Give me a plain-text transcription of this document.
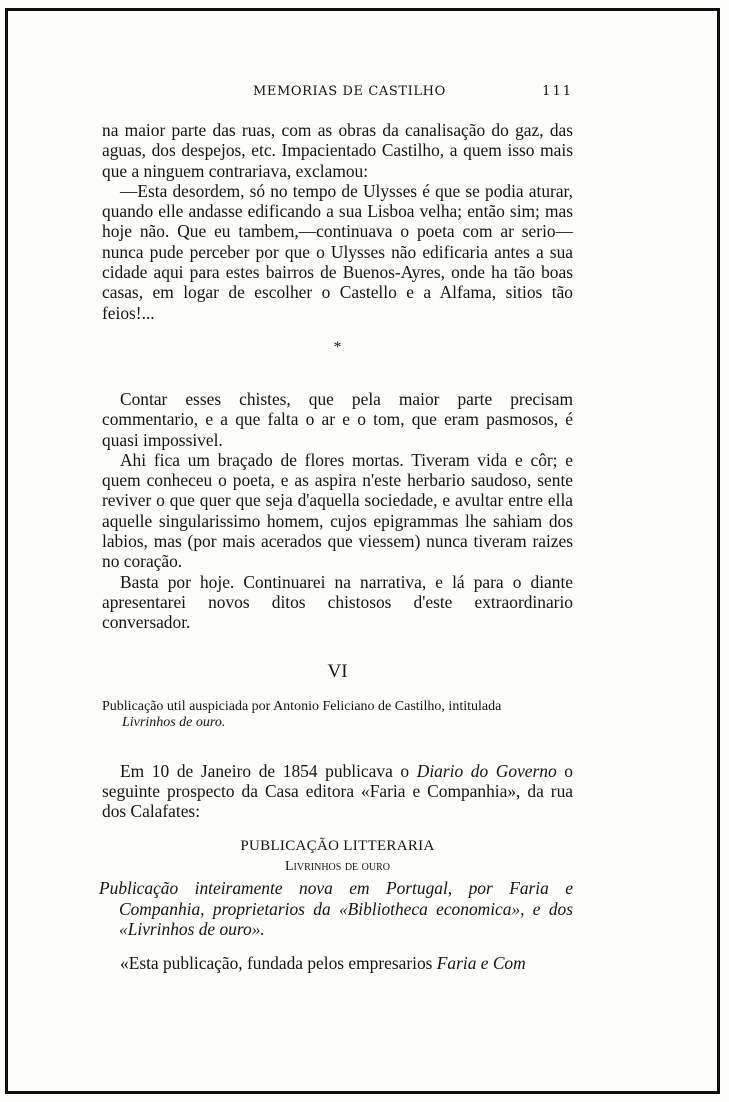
MEMORIAS DE CASTILHO	111

na maior parte das ruas, com as obras da canalisação do gaz, das aguas, dos despejos, etc. Impacientado Castilho, a quem isso mais que a ninguem contrariava, exclamou:

—Esta desordem, só no tempo de Ulysses é que se podia aturar, quando elle andasse edificando a sua Lisboa velha; então sim; mas hoje não. Que eu tambem,—continuava o poeta com ar serio—nunca pude perceber por que o Ulysses não edificaria antes a sua cidade aqui para estes bairros de Buenos-Ayres, onde ha tão boas casas, em logar de escolher o Castello e a Alfama, sitios tão feios!...

*

Contar esses chistes, que pela maior parte precisam commentario, e a que falta o ar e o tom, que eram pasmosos, é quasi impossivel.

Ahi fica um braçado de flores mortas. Tiveram vida e côr; e quem conheceu o poeta, e as aspira n'este herbario saudoso, sente reviver o que quer que seja d'aquella sociedade, e avultar entre ella aquelle singularissimo homem, cujos epigrammas lhe sahiam dos labios, mas (por mais acerados que viessem) nunca tiveram raizes no coração.

Basta por hoje. Continuarei na narrativa, e lá para o diante apresentarei novos ditos chistosos d'este extraordinario conversador.

VI

Publicação util auspiciada por Antonio Feliciano de Castilho, intitulada
Livrinhos de ouro.

Em 10 de Janeiro de 1854 publicava o Diario do Governo o seguinte prospecto da Casa editora «Faria e Companhia», da rua dos Calafates:

PUBLICAÇÃO LITTERARIA
Livrinhos de ouro

Publicação inteiramente nova em Portugal, por Faria e Companhia, proprietarios da «Bibliotheca economica», e dos «Livrinhos de ouro».

«Esta publicação, fundada pelos empresarios Faria e Com
